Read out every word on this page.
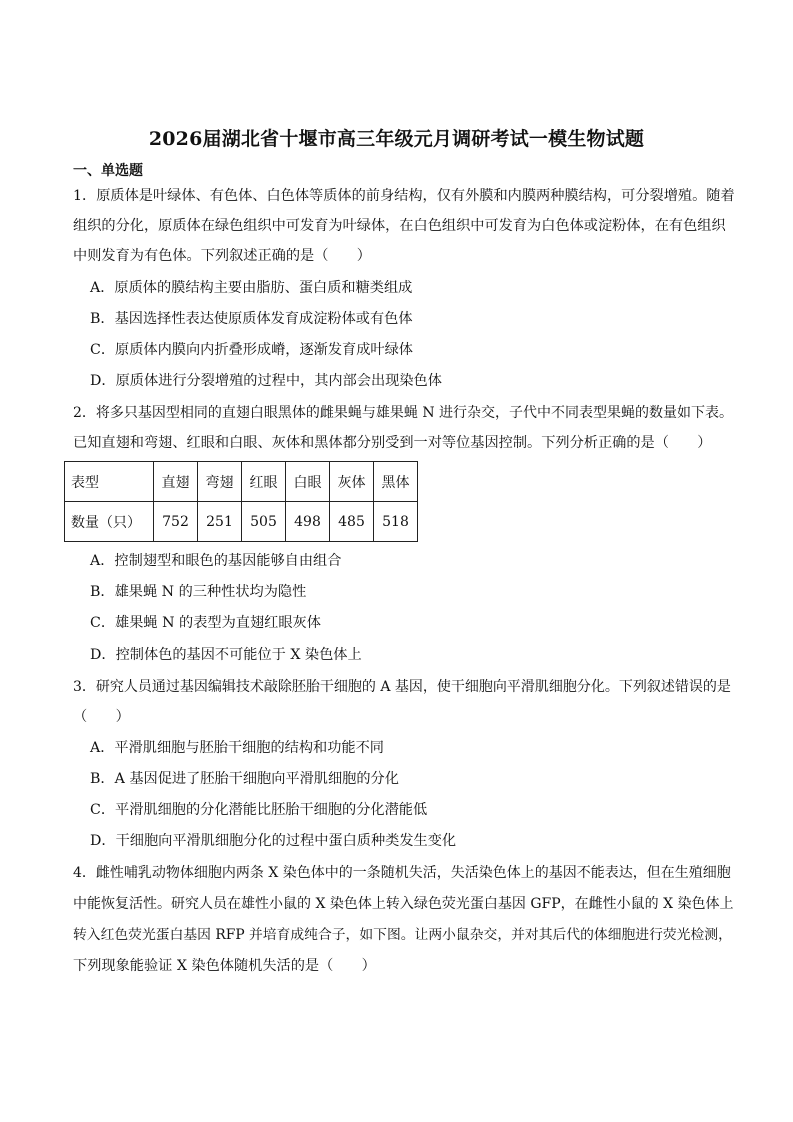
2026届湖北省十堰市高三年级元月调研考试一模生物试题
一、单选题
1．原质体是叶绿体、有色体、白色体等质体的前身结构，仅有外膜和内膜两种膜结构，可分裂增殖。随着
组织的分化，原质体在绿色组织中可发育为叶绿体，在白色组织中可发育为白色体或淀粉体，在有色组织
中则发育为有色体。下列叙述正确的是（　　）
A．原质体的膜结构主要由脂肪、蛋白质和糖类组成
B．基因选择性表达使原质体发育成淀粉体或有色体
C．原质体内膜向内折叠形成嵴，逐渐发育成叶绿体
D．原质体进行分裂增殖的过程中，其内部会出现染色体
2．将多只基因型相同的直翅白眼黑体的雌果蝇与雄果蝇 N 进行杂交，子代中不同表型果蝇的数量如下表。
已知直翅和弯翅、红眼和白眼、灰体和黑体都分别受到一对等位基因控制。下列分析正确的是（　　）
表型	直翅	弯翅	红眼	白眼	灰体	黑体
数量（只）	752	251	505	498	485	518
A．控制翅型和眼色的基因能够自由组合
B．雄果蝇 N 的三种性状均为隐性
C．雄果蝇 N 的表型为直翅红眼灰体
D．控制体色的基因不可能位于 X 染色体上
3．研究人员通过基因编辑技术敲除胚胎干细胞的 A 基因，使干细胞向平滑肌细胞分化。下列叙述错误的是
（　　）
A．平滑肌细胞与胚胎干细胞的结构和功能不同
B．A 基因促进了胚胎干细胞向平滑肌细胞的分化
C．平滑肌细胞的分化潜能比胚胎干细胞的分化潜能低
D．干细胞向平滑肌细胞分化的过程中蛋白质种类发生变化
4．雌性哺乳动物体细胞内两条 X 染色体中的一条随机失活，失活染色体上的基因不能表达，但在生殖细胞
中能恢复活性。研究人员在雄性小鼠的 X 染色体上转入绿色荧光蛋白基因 GFP，在雌性小鼠的 X 染色体上
转入红色荧光蛋白基因 RFP 并培育成纯合子，如下图。让两小鼠杂交，并对其后代的体细胞进行荧光检测，
下列现象能验证 X 染色体随机失活的是（　　）
